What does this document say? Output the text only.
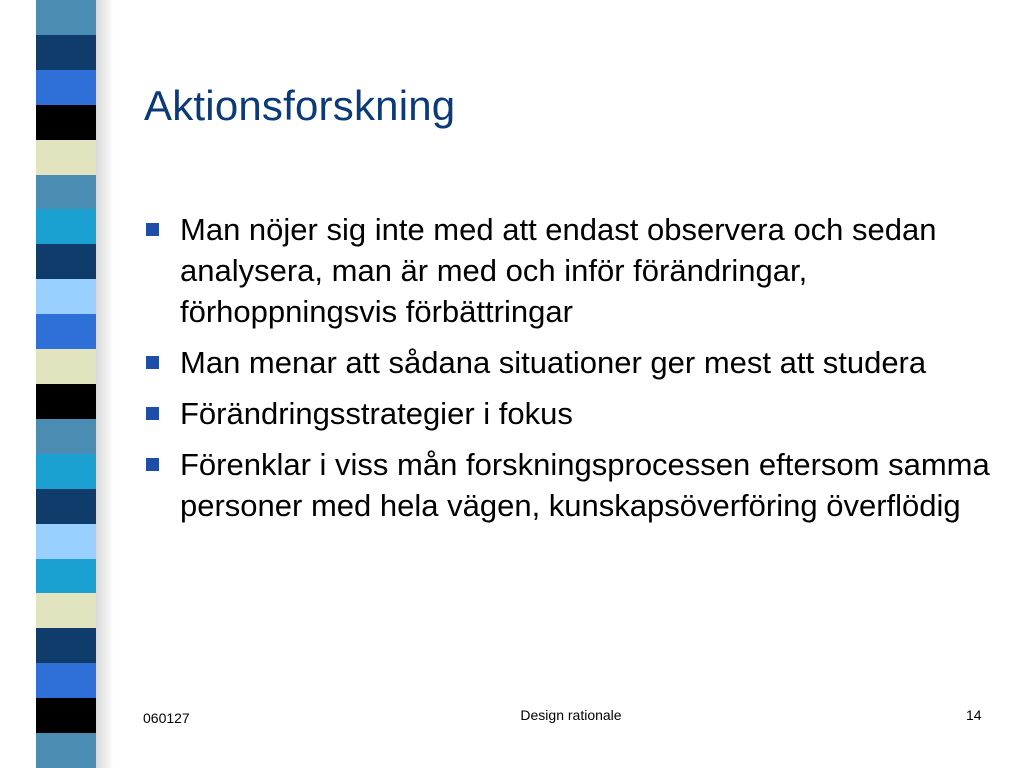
Aktionsforskning
Man nöjer sig inte med att endast observera och sedan analysera, man är med och inför förändringar, förhoppningsvis förbättringar
Man menar att sådana situationer ger mest att studera
Förändringsstrategier i fokus
Förenklar i viss mån forskningsprocessen eftersom samma personer med hela vägen, kunskapsöverföring överflödig
060127	Design rationale	14
